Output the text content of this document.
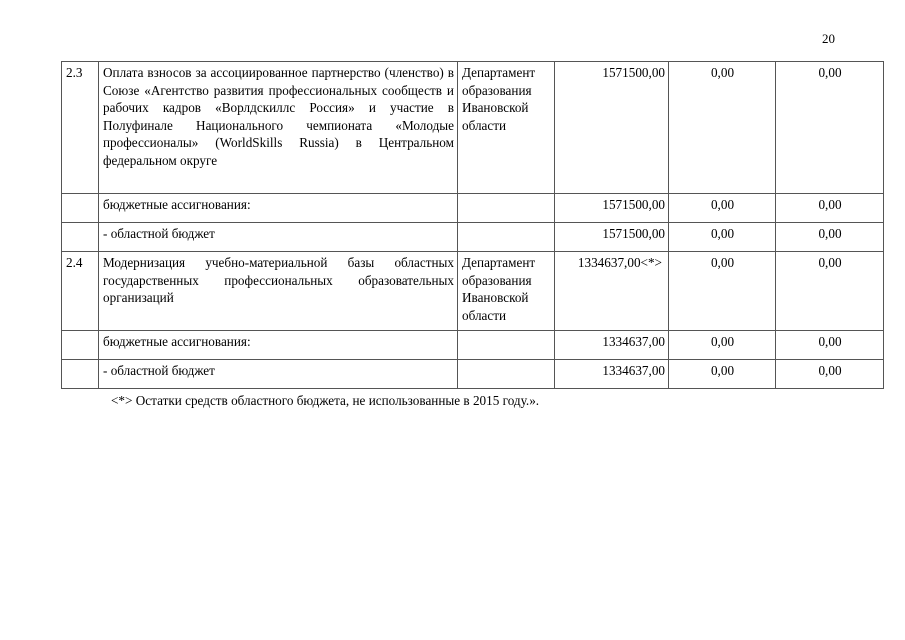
20
2.3	Оплата взносов за ассоциированное партнерство (членство) в Союзе «Агентство развития профессиональных сообществ и рабочих кадров «Ворлдскиллс Россия» и участие в Полуфинале Национального чемпионата «Молодые профессионалы» (WorldSkills Russia) в Центральном федеральном округе	Департамент образования Ивановской области	1571500,00	0,00	0,00
	бюджетные ассигнования:		1571500,00	0,00	0,00
	- областной бюджет		1571500,00	0,00	0,00
2.4	Модернизация учебно-материальной базы областных государственных профессиональных образовательных организаций	Департамент образования Ивановской области	1334637,00<*>	0,00	0,00
	бюджетные ассигнования:		1334637,00	0,00	0,00
	- областной бюджет		1334637,00	0,00	0,00
<*> Остатки средств областного бюджета, не использованные в 2015 году.».
